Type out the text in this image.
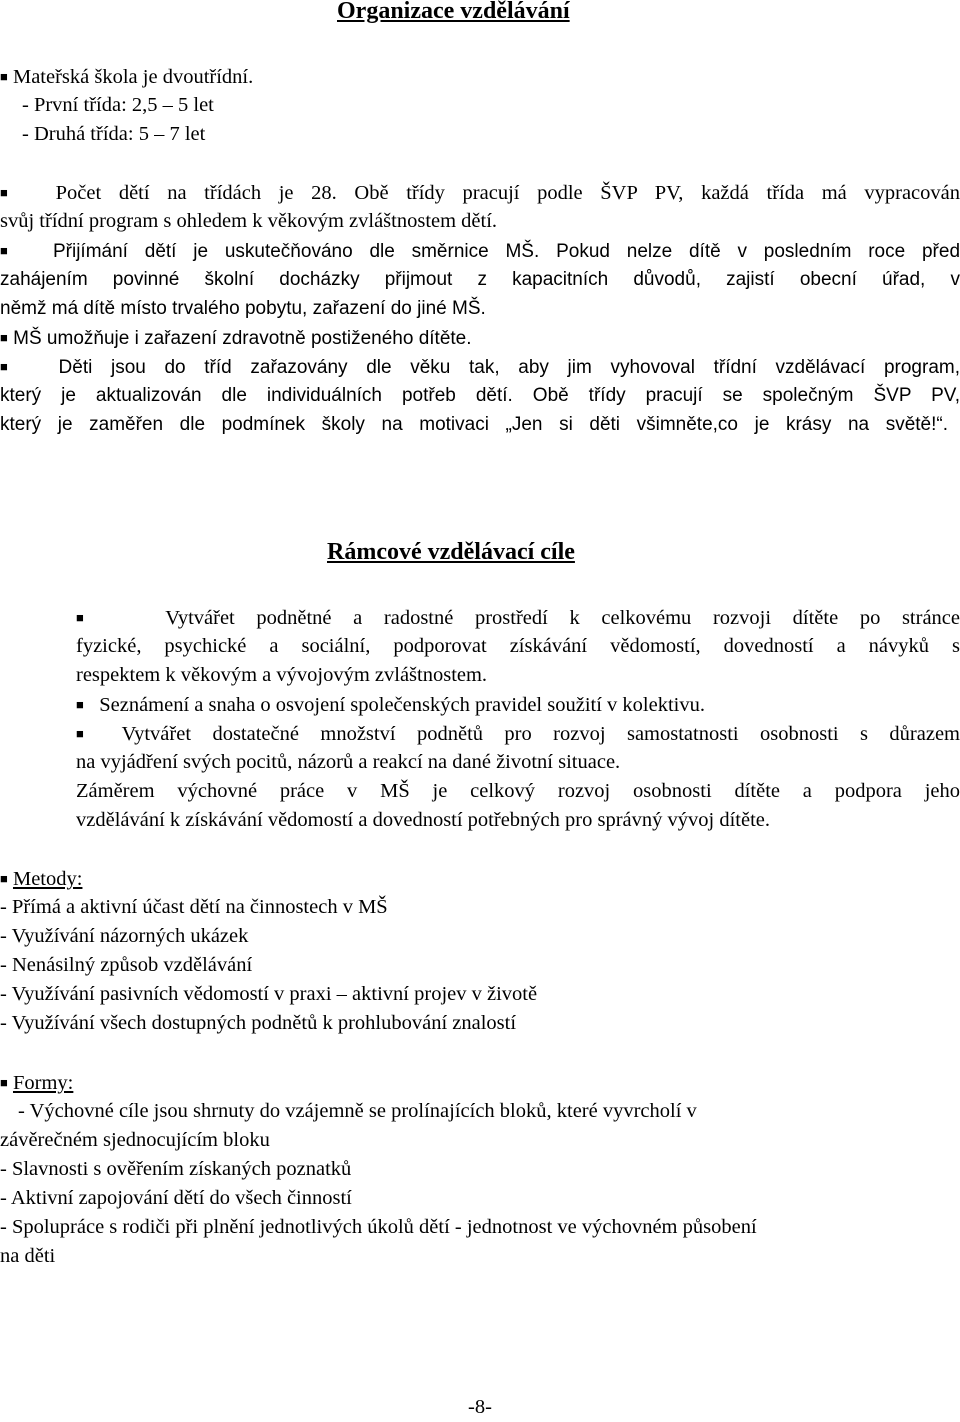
Organizace vzdělávání
■ Mateřská škola je dvoutřídní.
- První třída: 2,5 – 5 let
- Druhá třída: 5 – 7 let
■ Počet dětí na třídách je 28. Obě třídy pracují podle ŠVP PV, každá třída má vypracován
svůj třídní program s ohledem k věkovým zvláštnostem dětí.
■ Přijímání dětí je uskutečňováno dle směrnice MŠ. Pokud nelze dítě v posledním roce před
zahájením povinné školní docházky přijmout z kapacitních důvodů, zajistí obecní úřad, v
němž má dítě místo trvalého pobytu, zařazení do jiné MŠ.
■ MŠ umožňuje i zařazení zdravotně postiženého dítěte.
■ Děti jsou do tříd zařazovány dle věku tak, aby jim vyhovoval třídní vzdělávací program,
který je aktualizován dle individuálních potřeb dětí. Obě třídy pracují se společným ŠVP PV,
který je zaměřen dle podmínek školy na motivaci „Jen si děti všimněte,co je krásy na světě!“.
Rámcové vzdělávací cíle
■	Vytvářet podnětné a radostné prostředí k celkovému rozvoji dítěte po stránce
fyzické, psychické a sociální, podporovat získávání vědomostí, dovedností a návyků s
respektem k věkovým a vývojovým zvláštnostem.
■ Seznámení a snaha o osvojení společenských pravidel soužití v kolektivu.
■ Vytvářet dostatečné množství podnětů pro rozvoj samostatnosti osobnosti s důrazem
na vyjádření svých pocitů, názorů a reakcí na dané životní situace.
Záměrem výchovné práce v MŠ je celkový rozvoj osobnosti dítěte a podpora jeho
vzdělávání k získávání vědomostí a dovedností potřebných pro správný vývoj dítěte.
■ Metody:
- Přímá a aktivní účast dětí na činnostech v MŠ
- Využívání názorných ukázek
- Nenásilný způsob vzdělávání
- Využívání pasivních vědomostí v praxi – aktivní projev v životě
- Využívání všech dostupných podnětů k prohlubování znalostí
■ Formy:
- Výchovné cíle jsou shrnuty do vzájemně se prolínajících bloků, které vyvrcholí v
závěrečném sjednocujícím bloku
- Slavnosti s ověřením získaných poznatků
- Aktivní zapojování dětí do všech činností
- Spolupráce s rodiči při plnění jednotlivých úkolů dětí - jednotnost ve výchovném působení
na děti
-8-
